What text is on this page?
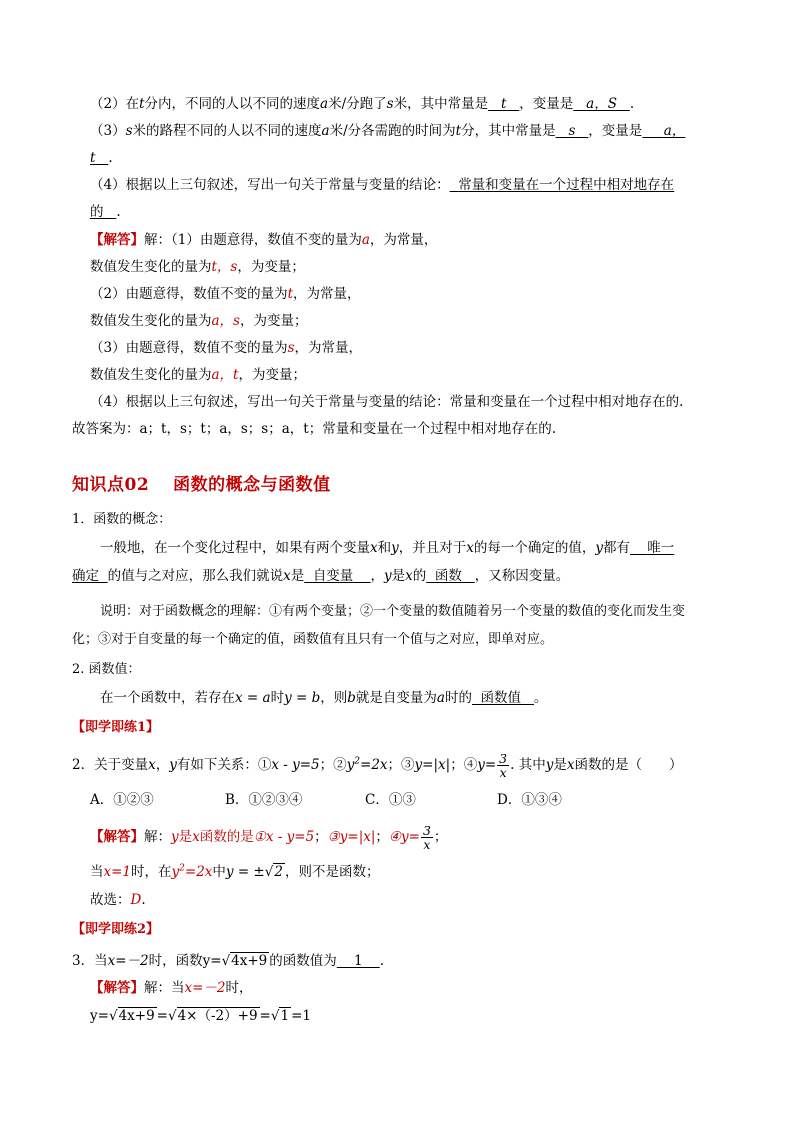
（2）在t分内，不同的人以不同的速度a米/分跑了s米，其中常量是 t ，变量是 a，S .
（3）s米的路程不同的人以不同的速度a米/分各需跑的时间为t分，其中常量是 s ，变量是 a，
t .
（4）根据以上三句叙述，写出一句关于常量与变量的结论： 常量和变量在一个过程中相对地存在
的 .
【解答】解：（1）由题意得，数值不变的量为a，为常量，
数值发生变化的量为t，s，为变量；
（2）由题意得，数值不变的量为t，为常量，
数值发生变化的量为a，s，为变量；
（3）由题意得，数值不变的量为s，为常量，
数值发生变化的量为a，t，为变量；
（4）根据以上三句叙述，写出一句关于常量与变量的结论：常量和变量在一个过程中相对地存在的.
故答案为：a；t，s；t；a，s；s；a，t；常量和变量在一个过程中相对地存在的.
知识点02　 函数的概念与函数值
1．函数的概念：
一般地，在一个变化过程中，如果有两个变量x和y，并且对于x的每一个确定的值，y都有 唯一
确定 的值与之对应，那么我们就说x是 自变量 ，y是x的 函数 ，又称因变量。
说明：对于函数概念的理解：①有两个变量；②一个变量的数值随着另一个变量的数值的变化而发生变
化；③对于自变量的每一个确定的值，函数值有且只有一个值与之对应，即单对应。
2. 函数值：
在一个函数中，若存在x = a时y = b，则b就是自变量为a时的 函数值 。
【即学即练1】
2．关于变量x，y有如下关系：①x - y=5；$②y^2=2x$；③y=|x|；④y= $\frac{3}{x}$ . 其中y是x函数的是（　　）
A．①②③	B．①②③④	C．①③	D．①③④
【解答】解：y是x函数的是①x - y=5；③y=|x|；④y= $\frac{3}{x}$ ；
当x=1时，在$y^2=2x$中y = ±√2 ，则不是函数；
故选：D.
【即学即练2】
3．当x=－2时，函数y=√4x+9 的函数值为 1 .
【解答】解：当x=－2时，
y=√4x+9 =√4×（-2）+9 =√1 =1
